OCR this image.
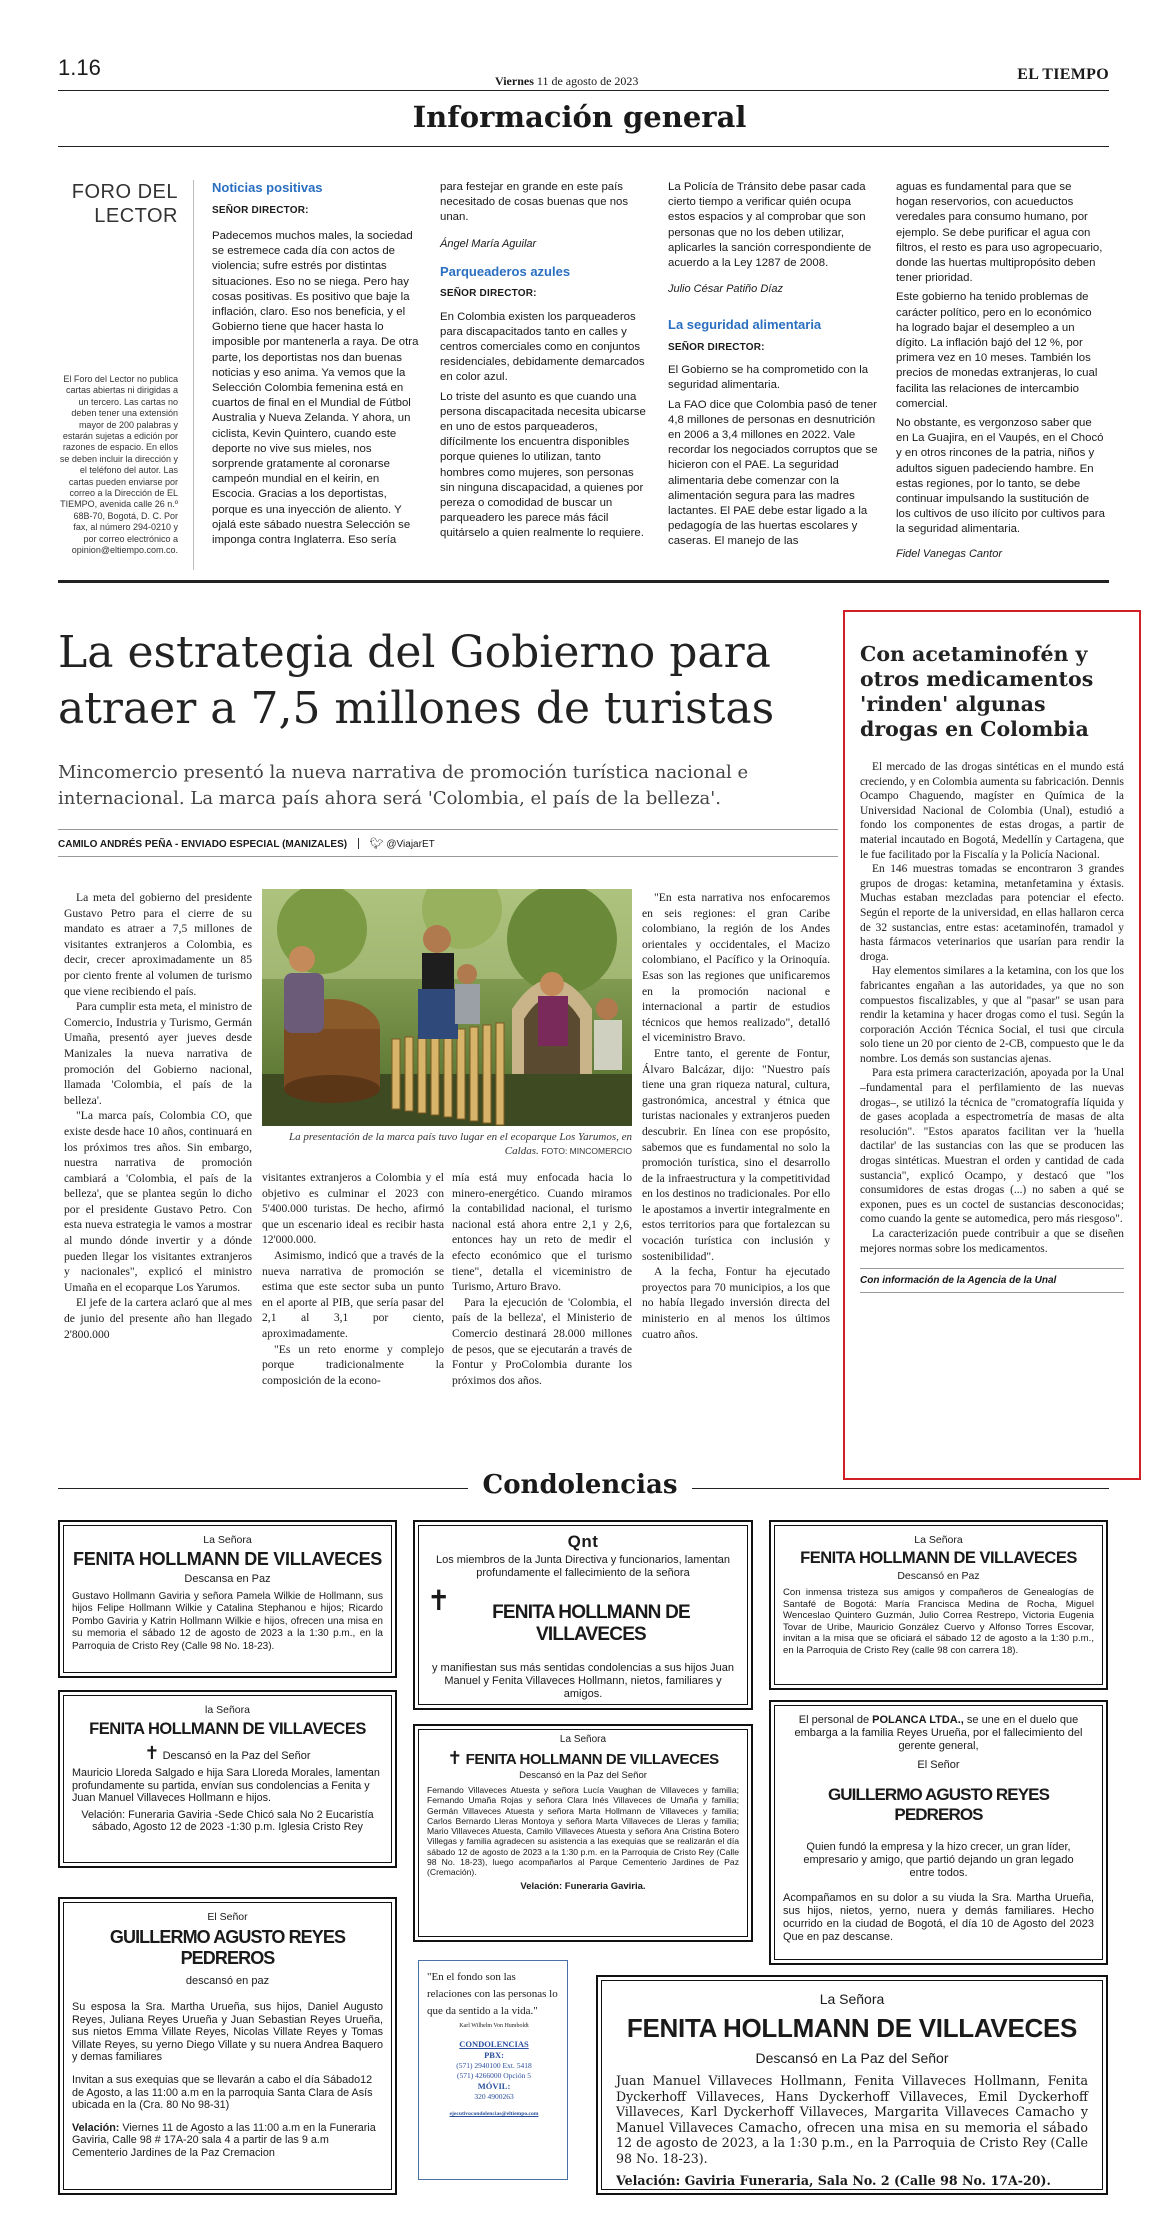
1.16
Viernes 11 de agosto de 2023	EL TIEMPO
Información general
FORO DEL
LECTOR
El Foro del Lector no publica cartas abiertas ni dirigidas a un tercero. Las cartas no deben tener una extensión mayor de 200 palabras y estarán sujetas a edición por razones de espacio. En ellos se deben incluir la dirección y el teléfono del autor. Las cartas pueden enviarse por correo a la Dirección de EL TIEMPO, avenida calle 26 n.º 68B-70, Bogotá, D. C. Por fax, al número 294-0210 y por correo electrónico a opinion@eltiempo.com.co.
Noticias positivas
SEÑOR DIRECTOR:

Padecemos muchos males, la sociedad se estremece cada día con actos de violencia; sufre estrés por distintas situaciones. Eso no se niega. Pero hay cosas positivas. Es positivo que baje la inflación, claro. Eso nos beneficia, y el Gobierno tiene que hacer hasta lo imposible por mantenerla a raya. De otra parte, los deportistas nos dan buenas noticias y eso anima. Ya vemos que la Selección Colombia femenina está en cuartos de final en el Mundial de Fútbol Australia y Nueva Zelanda. Y ahora, un ciclista, Kevin Quintero, cuando este deporte no vive sus mieles, nos sorprende gratamente al coronarse campeón mundial en el keirin, en Escocia. Gracias a los deportistas, porque es una inyección de aliento. Y ojalá este sábado nuestra Selección se imponga contra Inglaterra. Eso sería

para festejar en grande en este país necesitado de cosas buenas que nos unan.

Ángel María Aguilar
Parqueaderos azules
SEÑOR DIRECTOR:

En Colombia existen los parqueaderos para discapacitados tanto en calles y centros comerciales como en conjuntos residenciales, debidamente demarcados en color azul.

Lo triste del asunto es que cuando una persona discapacitada necesita ubicarse en uno de estos parqueaderos, difícilmente los encuentra disponibles porque quienes lo utilizan, tanto hombres como mujeres, son personas sin ninguna discapacidad, a quienes por pereza o comodidad de buscar un parqueadero les parece más fácil quitárselo a quien realmente lo requiere.

La Policía de Tránsito debe pasar cada cierto tiempo a verificar quién ocupa estos espacios y al comprobar que son personas que no los deben utilizar, aplicarles la sanción correspondiente de acuerdo a la Ley 1287 de 2008.

Julio César Patiño Díaz
La seguridad alimentaria
SEÑOR DIRECTOR:

El Gobierno se ha comprometido con la seguridad alimentaria.

La FAO dice que Colombia pasó de tener 4,8 millones de personas en desnutrición en 2006 a 3,4 millones en 2022. Vale recordar los negociados corruptos que se hicieron con el PAE. La seguridad alimentaria debe comenzar con la alimentación segura para las madres lactantes. El PAE debe estar ligado a la pedagogía de las huertas escolares y caseras. El manejo de las

aguas es fundamental para que se hogan reservorios, con acueductos veredales para consumo humano, por ejemplo. Se debe purificar el agua con filtros, el resto es para uso agropecuario, donde las huertas multipropósito deben tener prioridad.

Este gobierno ha tenido problemas de carácter político, pero en lo económico ha logrado bajar el desempleo a un dígito. La inflación bajó del 12 %, por primera vez en 10 meses. También los precios de monedas extranjeras, lo cual facilita las relaciones de intercambio comercial.

No obstante, es vergonzoso saber que en La Guajira, en el Vaupés, en el Chocó y en otros rincones de la patria, niños y adultos siguen padeciendo hambre. En estas regiones, por lo tanto, se debe continuar impulsando la sustitución de los cultivos de uso ilícito por cultivos para la seguridad alimentaria.

Fidel Vanegas Cantor
La estrategia del Gobierno para
atraer a 7,5 millones de turistas
Mincomercio presentó la nueva narrativa de promoción turística nacional e internacional. La marca país ahora será 'Colombia, el país de la belleza'.
CAMILO ANDRÉS PEÑA - ENVIADO ESPECIAL (MANIZALES) 🐦︎ @ViajarET

La meta del gobierno del presidente Gustavo Petro para el cierre de su mandato es atraer a 7,5 millones de visitantes extranjeros a Colombia, es decir, crecer aproximadamente un 85 por ciento frente al volumen de turismo que viene recibiendo el país.

Para cumplir esta meta, el ministro de Comercio, Industria y Turismo, Germán Umaña, presentó ayer jueves desde Manizales la nueva narrativa de promoción del Gobierno nacional, llamada 'Colombia, el país de la belleza'.

"La marca país, Colombia CO, que existe desde hace 10 años, continuará en los próximos tres años. Sin embargo, nuestra narrativa de promoción cambiará a 'Colombia, el país de la belleza', que se plantea según lo dicho por el presidente Gustavo Petro. Con esta nueva estrategia le vamos a mostrar al mundo dónde invertir y a dónde pueden llegar los visitantes extranjeros y nacionales", explicó el ministro Umaña en el ecoparque Los Yarumos.

El jefe de la cartera aclaró que al mes de junio del presente año han llegado 2'800.000

La presentación de la marca país tuvo lugar en el ecoparque Los Yarumos, en Caldas. FOTO: MINCOMERCIO

visitantes extranjeros a Colombia y el objetivo es culminar el 2023 con 5'400.000 turistas. De hecho, afirmó que un escenario ideal es recibir hasta 12'000.000.

Asimismo, indicó que a través de la nueva narrativa de promoción se estima que este sector suba un punto en el aporte al PIB, que sería pasar del 2,1 al 3,1 por ciento, aproximadamente.

"Es un reto enorme y complejo porque tradicionalmente la composición de la econo-

mía está muy enfocada hacia lo minero-energético. Cuando miramos la contabilidad nacional, el turismo nacional está ahora entre 2,1 y 2,6, entonces hay un reto de medir el efecto económico que el turismo tiene", detalla el viceministro de Turismo, Arturo Bravo.

Para la ejecución de 'Colombia, el país de la belleza', el Ministerio de Comercio destinará 28.000 millones de pesos, que se ejecutarán a través de Fontur y ProColombia durante los próximos dos años.

"En esta narrativa nos enfocaremos en seis regiones: el gran Caribe colombiano, la región de los Andes orientales y occidentales, el Macizo colombiano, el Pacífico y la Orinoquía. Esas son las regiones que unificaremos en la promoción nacional e internacional a partir de estudios técnicos que hemos realizado", detalló el viceministro Bravo.

Entre tanto, el gerente de Fontur, Álvaro Balcázar, dijo: "Nuestro país tiene una gran riqueza natural, cultura, gastronómica, ancestral y étnica que turistas nacionales y extranjeros pueden descubrir. En línea con ese propósito, sabemos que es fundamental no solo la promoción turística, sino el desarrollo de la infraestructura y la competitividad en los destinos no tradicionales. Por ello le apostamos a invertir integralmente en estos territorios para que fortalezcan su vocación turística con inclusión y sostenibilidad".

A la fecha, Fontur ha ejecutado proyectos para 70 municipios, a los que no había llegado inversión directa del ministerio en al menos los últimos cuatro años.

Con acetaminofén y otros medicamentos 'rinden' algunas drogas en Colombia

El mercado de las drogas sintéticas en el mundo está creciendo, y en Colombia aumenta su fabricación. Dennis Ocampo Chaguendo, magíster en Química de la Universidad Nacional de Colombia (Unal), estudió a fondo los componentes de estas drogas, a partir de material incautado en Bogotá, Medellín y Cartagena, que le fue facilitado por la Fiscalía y la Policía Nacional.

En 146 muestras tomadas se encontraron 3 grandes grupos de drogas: ketamina, metanfetamina y éxtasis. Muchas estaban mezcladas para potenciar el efecto. Según el reporte de la universidad, en ellas hallaron cerca de 32 sustancias, entre estas: acetaminofén, tramadol y hasta fármacos veterinarios que usarían para rendir la droga.

Hay elementos similares a la ketamina, con los que los fabricantes engañan a las autoridades, ya que no son compuestos fiscalizables, y que al "pasar" se usan para rendir la ketamina y hacer drogas como el tusi. Según la corporación Acción Técnica Social, el tusi que circula solo tiene un 20 por ciento de 2-CB, compuesto que le da nombre. Los demás son sustancias ajenas.

Para esta primera caracterización, apoyada por la Unal –fundamental para el perfilamiento de las nuevas drogas–, se utilizó la técnica de "cromatografía líquida y de gases acoplada a espectrometría de masas de alta resolución". "Estos aparatos facilitan ver la 'huella dactilar' de las sustancias con las que se producen las drogas sintéticas. Muestran el orden y cantidad de cada sustancia", explicó Ocampo, y destacó que "los consumidores de estas drogas (...) no saben a qué se exponen, pues es un coctel de sustancias desconocidas; como cuando la gente se automedica, pero más riesgoso".

La caracterización puede contribuir a que se diseñen mejores normas sobre los medicamentos.

Con información de la Agencia de la Unal
Condolencias

La Señora

FENITA HOLLMANN DE VILLAVECES

Descansa en Paz

Gustavo Hollmann Gaviria y señora Pamela Wilkie de Hollmann, sus hijos Felipe Hollmann Wilkie y Catalina Stephanou e hijos; Ricardo Pombo Gaviria y Katrin Hollmann Wilkie e hijos, ofrecen una misa en su memoria el sábado 12 de agosto de 2023 a la 1:30 p.m., en la Parroquia de Cristo Rey (Calle 98 No. 18-23).

Qnt

Los miembros de la Junta Directiva y funcionarios, lamentan profundamente el fallecimiento de la señora

✝	FENITA HOLLMANN DE VILLAVECES

y manifiestan sus más sentidas condolencias a sus hijos Juan Manuel y Fenita Villaveces Hollmann, nietos, familiares y amigos.

La Señora

FENITA HOLLMANN DE VILLAVECES

Descansó en Paz

Con inmensa tristeza sus amigos y compañeros de Genealogías de Santafé de Bogotá: María Francisca Medina de Rocha, Miguel Wenceslao Quintero Guzmán, Julio Correa Restrepo, Victoria Eugenia Tovar de Uribe, Mauricio González Cuervo y Alfonso Torres Escovar, invitan a la misa que se oficiará el sábado 12 de agosto a la 1:30 p.m., en la Parroquia de Cristo Rey (calle 98 con carrera 18).

la Señora

FENITA HOLLMANN DE VILLAVECES

✝ Descansó en la Paz del Señor

Mauricio Lloreda Salgado e hija Sara Lloreda Morales, lamentan profundamente su partida, envían sus condolencias a Fenita y Juan Manuel Villaveces Hollmann e hijos.

Velación: Funeraria Gaviria -Sede Chicó sala No 2 Eucaristía sábado, Agosto 12 de 2023 -1:30 p.m. Iglesia Cristo Rey

La Señora

✝ FENITA HOLLMANN DE VILLAVECES

Descansó en la Paz del Señor

Fernando Villaveces Atuesta y señora Lucía Vaughan de Villaveces y familia; Fernando Umaña Rojas y señora Clara Inés Villaveces de Umaña y familia; Germán Villaveces Atuesta y señora Marta Hollmann de Villaveces y familia; Carlos Bernardo Lleras Montoya y señora Marta Villaveces de Lleras y familia; Mario Villaveces Atuesta, Camilo Villaveces Atuesta y señora Ana Cristina Botero Villegas y familia agradecen su asistencia a las exequias que se realizarán el día sábado 12 de agosto de 2023 a la 1:30 p.m. en la Parroquia de Cristo Rey (Calle 98 No. 18-23), luego acompañarlos al Parque Cementerio Jardines de Paz (Cremación).

Velación: Funeraria Gaviria.

El personal de POLANCA LTDA., se une en el duelo que embarga a la familia Reyes Urueña, por el fallecimiento del gerente general,

El Señor

GUILLERMO AGUSTO REYES PEDREROS

Quien fundó la empresa y la hizo crecer, un gran líder, empresario y amigo, que partió dejando un gran legado entre todos.

Acompañamos en su dolor a su viuda la Sra. Martha Urueña, sus hijos, nietos, yerno, nuera y demás familiares. Hecho ocurrido en la ciudad de Bogotá, el día 10 de Agosto del 2023 Que en paz descanse.

El Señor

GUILLERMO AGUSTO REYES PEDREROS

descansó en paz

Su esposa la Sra. Martha Urueña, sus hijos, Daniel Augusto Reyes, Juliana Reyes Urueña y Juan Sebastian Reyes Urueña, sus nietos Emma Villate Reyes, Nicolas Villate Reyes y Tomas Villate Reyes, su yerno Diego Villate y su nuera Andrea Baquero y demas familiares

Invitan a sus exequias que se llevarán a cabo el día Sábado12 de Agosto, a las 11:00 a.m en la parroquia Santa Clara de Asís ubicada en la (Cra. 80 No 98-31)

Velación: Viernes 11 de Agosto a las 11:00 a.m en la Funeraria Gaviria, Calle 98 # 17A-20 sala 4 a partir de las 9 a.m Cementerio Jardines de la Paz Cremacion

"En el fondo son las relaciones con las personas lo que da sentido a la vida."

Karl Wilhelm Von Humboldt

CONDOLENCIAS

PBX:

(571) 2940100 Ext. 5418

(571) 4266000 Opción 5

MÓVIL:

320 4900263

ejecutivocondolencias@eltiempo.com

La Señora

FENITA HOLLMANN DE VILLAVECES

Descansó en La Paz del Señor

Juan Manuel Villaveces Hollmann, Fenita Villaveces Hollmann, Fenita Dyckerhoff Villaveces, Hans Dyckerhoff Villaveces, Emil Dyckerhoff Villaveces, Karl Dyckerhoff Villaveces, Margarita Villaveces Camacho y Manuel Villaveces Camacho, ofrecen una misa en su memoria el sábado 12 de agosto de 2023, a la 1:30 p.m., en la Parroquia de Cristo Rey (Calle 98 No. 18-23).

Velación: Gaviria Funeraria, Sala No. 2 (Calle 98 No. 17A-20).
